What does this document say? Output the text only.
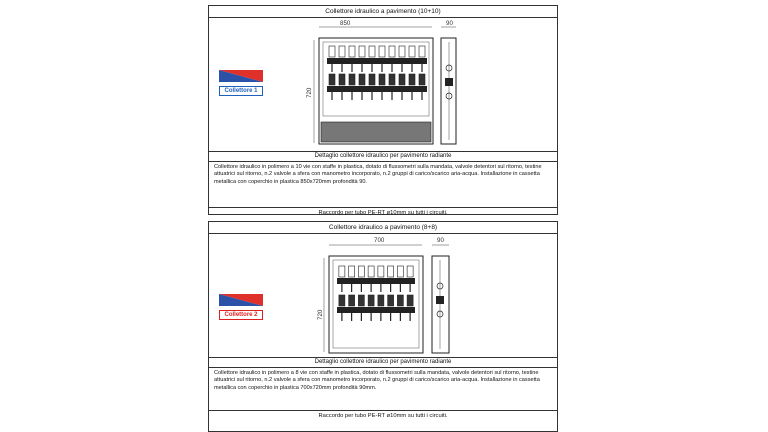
Collettore idraulico a pavimento (10+10)
Collettore 1
850	90
720
Dettaglio collettore idraulico per pavimento radiante
Collettore idraulico in polimero a 10 vie con staffe in plastica, dotato di flussometri sulla mandata, valvole detentori sul ritorno, testine attuatrici sul ritorno, n.2 valvole a sfera con manometro incorporato, n.2 gruppi di carico/scarico aria-acqua. Installazione in cassetta metallica con coperchio in plastica 850x720mm profondità 90.
Raccordo per tubo PE-RT ø10mm su tutti i circuiti.
Collettore idraulico a pavimento (8+8)
Collettore 2
700	90
720
Dettaglio collettore idraulico per pavimento radiante
Collettore idraulico in polimero a 8 vie con staffe in plastica, dotato di flussometri sulla mandata, valvole detentori sul ritorno, testine attuatrici sul ritorno, n.2 valvole a sfera con manometro incorporato, n.2 gruppi di carico/scarico aria-acqua. Installazione in cassetta metallica con coperchio in plastica 700x720mm profondità 90mm.
Raccordo per tubo PE-RT ø10mm su tutti i circuiti.
